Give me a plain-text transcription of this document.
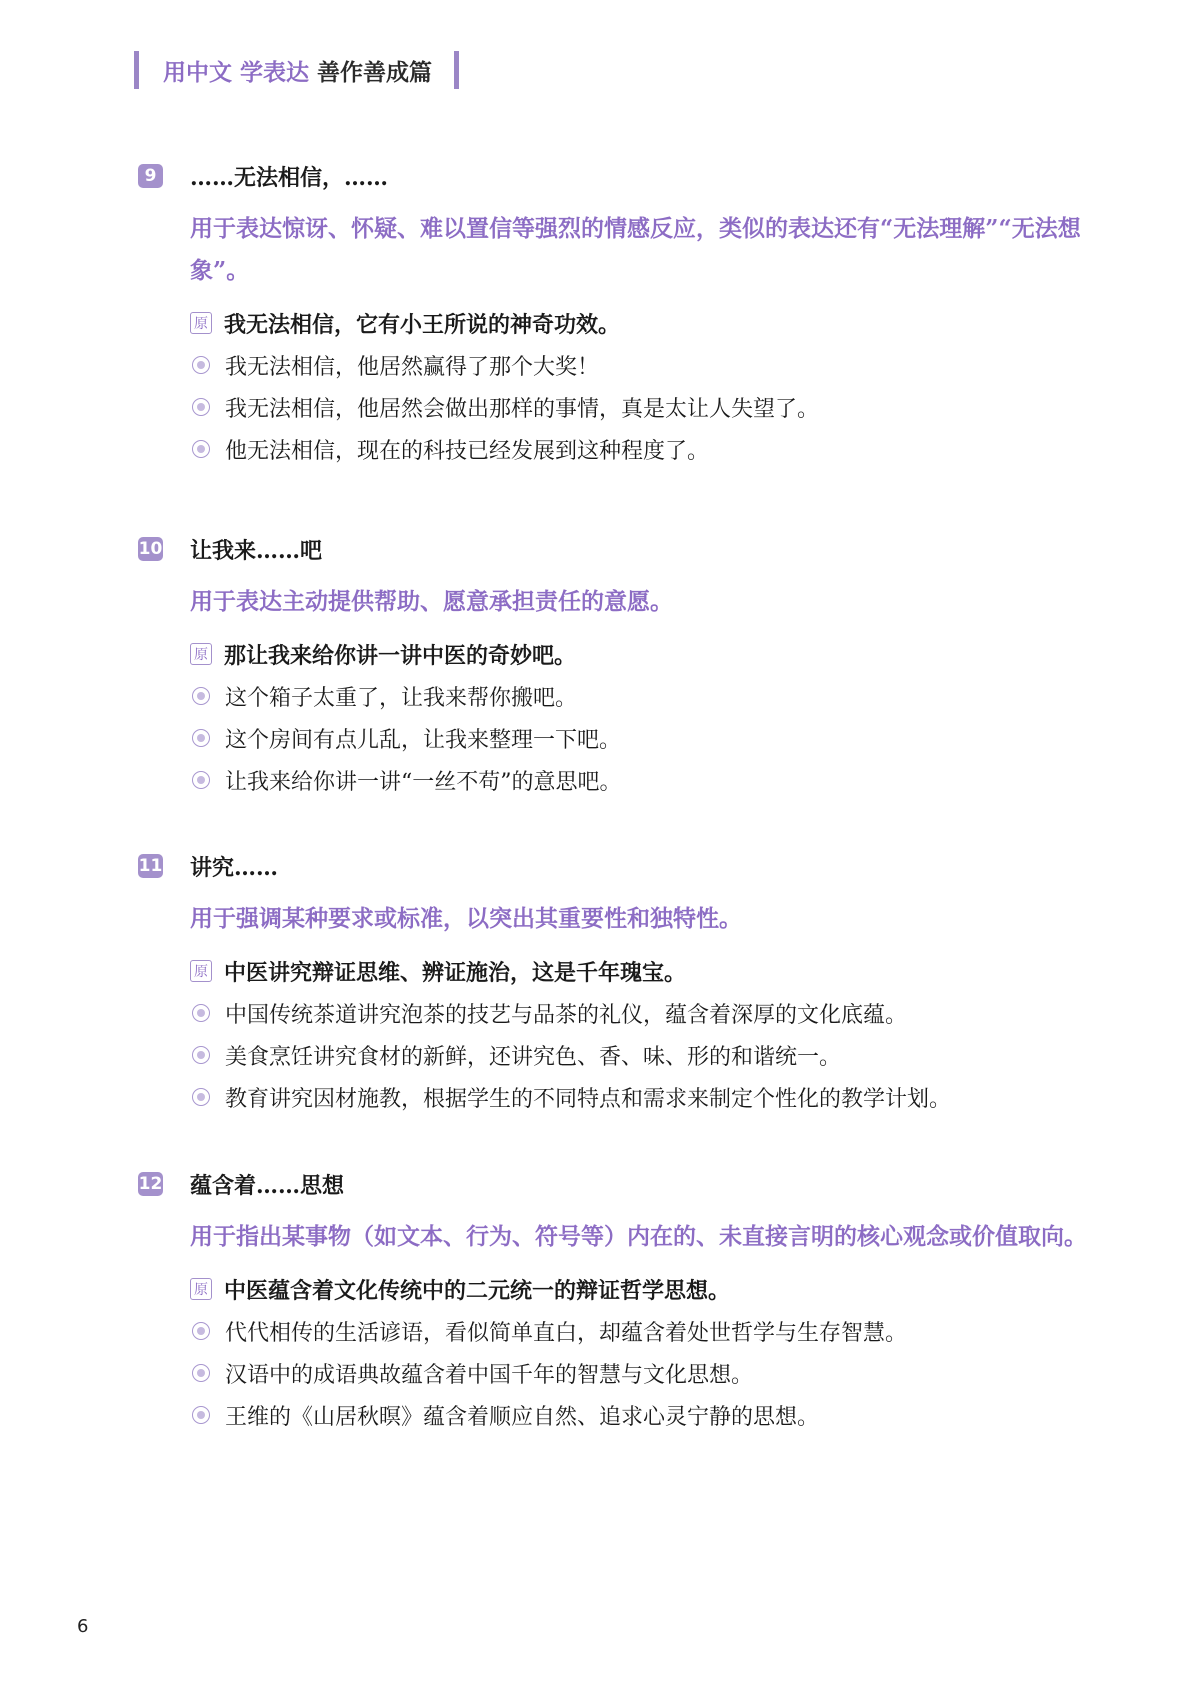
用中文 学表达 善作善成篇
9 ……无法相信，……
用于表达惊讶、怀疑、难以置信等强烈的情感反应，类似的表达还有“无法理解”“无法想象”。
原 我无法相信，它有小王所说的神奇功效。
我无法相信，他居然赢得了那个大奖！
我无法相信，他居然会做出那样的事情，真是太让人失望了。
他无法相信，现在的科技已经发展到这种程度了。
10 让我来……吧
用于表达主动提供帮助、愿意承担责任的意愿。
原 那让我来给你讲一讲中医的奇妙吧。
这个箱子太重了，让我来帮你搬吧。
这个房间有点儿乱，让我来整理一下吧。
让我来给你讲一讲“一丝不苟”的意思吧。
11 讲究……
用于强调某种要求或标准，以突出其重要性和独特性。
原 中医讲究辩证思维、辨证施治，这是千年瑰宝。
中国传统茶道讲究泡茶的技艺与品茶的礼仪，蕴含着深厚的文化底蕴。
美食烹饪讲究食材的新鲜，还讲究色、香、味、形的和谐统一。
教育讲究因材施教，根据学生的不同特点和需求来制定个性化的教学计划。
12 蕴含着……思想
用于指出某事物（如文本、行为、符号等）内在的、未直接言明的核心观念或价值取向。
原 中医蕴含着文化传统中的二元统一的辩证哲学思想。
代代相传的生活谚语，看似简单直白，却蕴含着处世哲学与生存智慧。
汉语中的成语典故蕴含着中国千年的智慧与文化思想。
王维的《山居秋暝》蕴含着顺应自然、追求心灵宁静的思想。
6
